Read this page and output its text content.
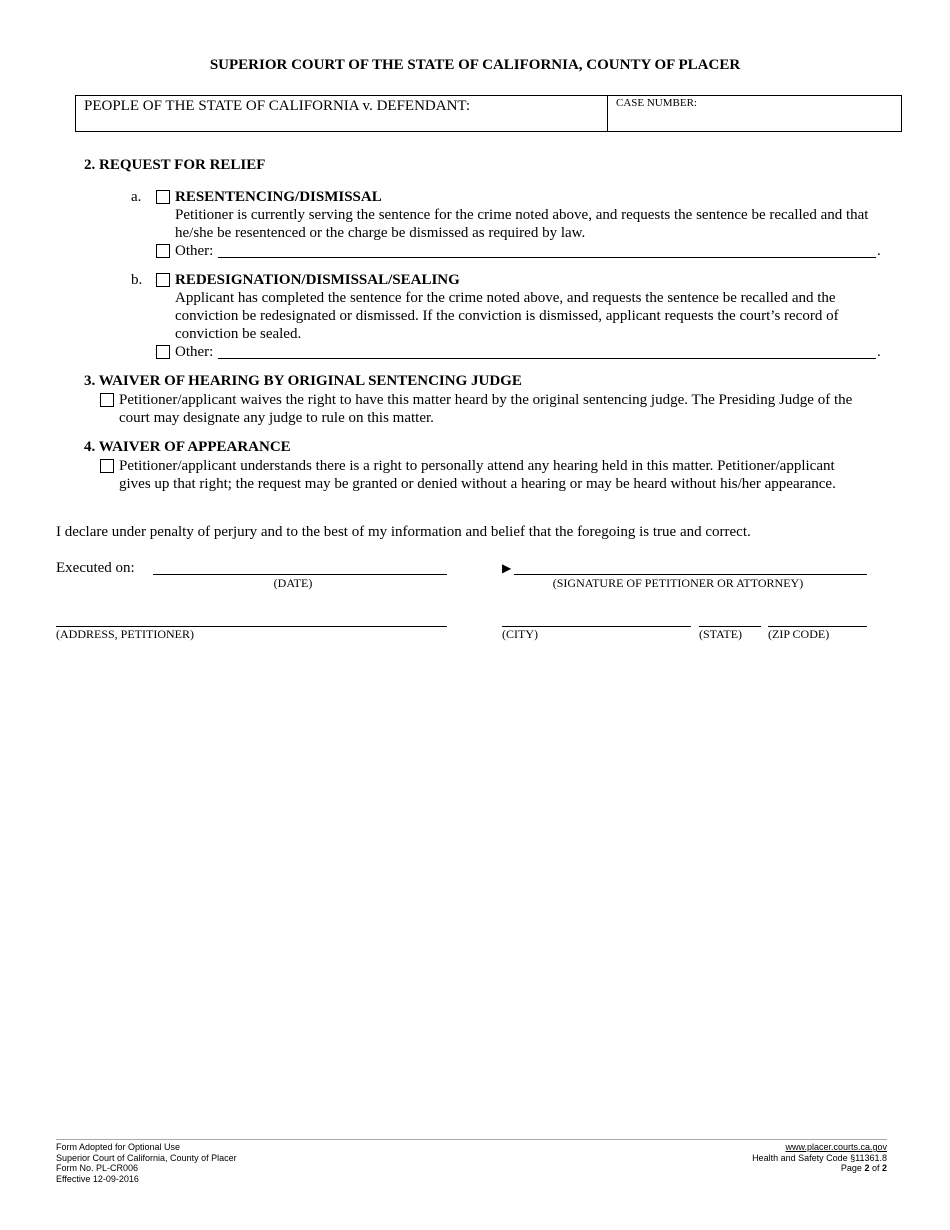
SUPERIOR COURT OF THE STATE OF CALIFORNIA, COUNTY OF PLACER
PEOPLE OF THE STATE OF CALIFORNIA v. DEFENDANT:	CASE NUMBER:
2. REQUEST FOR RELIEF
a. RESENTENCING/DISMISSAL
Petitioner is currently serving the sentence for the crime noted above, and requests the sentence be recalled and that
he/she be resentenced or the charge be dismissed as required by law.
Other:	.
b. REDESIGNATION/DISMISSAL/SEALING
Applicant has completed the sentence for the crime noted above, and requests the sentence be recalled and the
conviction be redesignated or dismissed. If the conviction is dismissed, applicant requests the court’s record of
conviction be sealed.
Other:	.
3. WAIVER OF HEARING BY ORIGINAL SENTENCING JUDGE
Petitioner/applicant waives the right to have this matter heard by the original sentencing judge. The Presiding Judge of the
court may designate any judge to rule on this matter.
4. WAIVER OF APPEARANCE
Petitioner/applicant understands there is a right to personally attend any hearing held in this matter. Petitioner/applicant
gives up that right; the request may be granted or denied without a hearing or may be heard without his/her appearance.
I declare under penalty of perjury and to the best of my information and belief that the foregoing is true and correct.
Executed on:
(DATE)
▶
(SIGNATURE OF PETITIONER OR ATTORNEY)
(ADDRESS, PETITIONER)	(CITY)	(STATE) (ZIP CODE)
Form Adopted for Optional Use
Superior Court of California, County of Placer
Form No. PL-CR006
Effective 12-09-2016
www.placer.courts.ca.gov
Health and Safety Code §11361.8
Page 2 of 2
